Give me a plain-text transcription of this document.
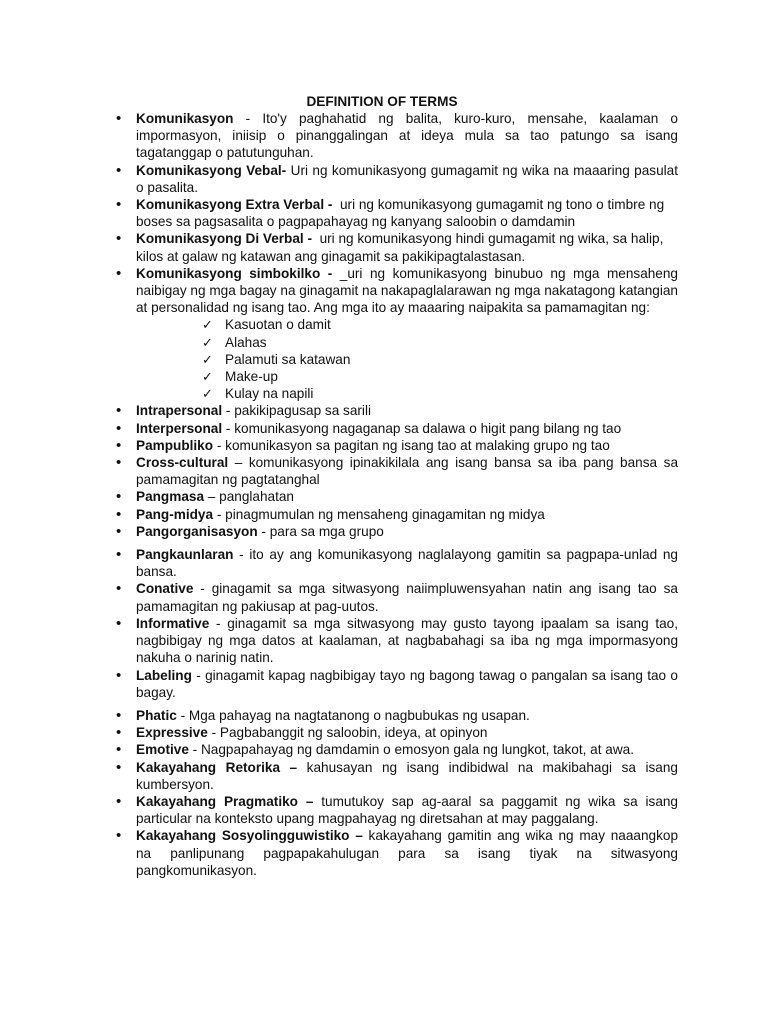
DEFINITION OF TERMS
• Komunikasyon - Ito'y paghahatid ng balita, kuro-kuro, mensahe, kaalaman o impormasyon, iniisip o pinanggalingan at ideya mula sa tao patungo sa isang tagatanggap o patutunguhan.
• Komunikasyong Vebal- Uri ng komunikasyong gumagamit ng wika na maaaring pasulat o pasalita.
• Komunikasyong Extra Verbal - uri ng komunikasyong gumagamit ng tono o timbre ng boses sa pagsasalita o pagpapahayag ng kanyang saloobin o damdamin
• Komunikasyong Di Verbal - uri ng komunikasyong hindi gumagamit ng wika, sa halip, kilos at galaw ng katawan ang ginagamit sa pakikipagtalastasan.
• Komunikasyong simbokilko - _uri ng komunikasyong binubuo ng mga mensaheng naibigay ng mga bagay na ginagamit na nakapaglalarawan ng mga nakatagong katangian at personalidad ng isang tao. Ang mga ito ay maaaring naipakita sa pamamagitan ng:
✓ Kasuotan o damit
✓ Alahas
✓ Palamuti sa katawan
✓ Make-up
✓ Kulay na napili
• Intrapersonal - pakikipagusap sa sarili
• Interpersonal - komunikasyong nagaganap sa dalawa o higit pang bilang ng tao
• Pampubliko - komunikasyon sa pagitan ng isang tao at malaking grupo ng tao
• Cross-cultural – komunikasyong ipinakikilala ang isang bansa sa iba pang bansa sa pamamagitan ng pagtatanghal
• Pangmasa – panglahatan
• Pang-midya - pinagmumulan ng mensaheng ginagamitan ng midya
• Pangorganisasyon - para sa mga grupo
• Pangkaunlaran - ito ay ang komunikasyong naglalayong gamitin sa pagpapa-unlad ng bansa.
• Conative - ginagamit sa mga sitwasyong naiimpluwensyahan natin ang isang tao sa pamamagitan ng pakiusap at pag-uutos.
• Informative - ginagamit sa mga sitwasyong may gusto tayong ipaalam sa isang tao, nagbibigay ng mga datos at kaalaman, at nagbabahagi sa iba ng mga impormasyong nakuha o narinig natin.
• Labeling - ginagamit kapag nagbibigay tayo ng bagong tawag o pangalan sa isang tao o bagay.
• Phatic - Mga pahayag na nagtatanong o nagbubukas ng usapan.
• Expressive - Pagbabanggit ng saloobin, ideya, at opinyon
• Emotive - Nagpapahayag ng damdamin o emosyon gala ng lungkot, takot, at awa.
• Kakayahang Retorika – kahusayan ng isang indibidwal na makibahagi sa isang kumbersyon.
• Kakayahang Pragmatiko – tumutukoy sap ag-aaral sa paggamit ng wika sa isang particular na konteksto upang magpahayag ng diretsahan at may paggalang.
• Kakayahang Sosyolingguwistiko – kakayahang gamitin ang wika ng may naaangkop na panlipunang pagpapakahulugan para sa isang tiyak na sitwasyong pangkomunikasyon.
